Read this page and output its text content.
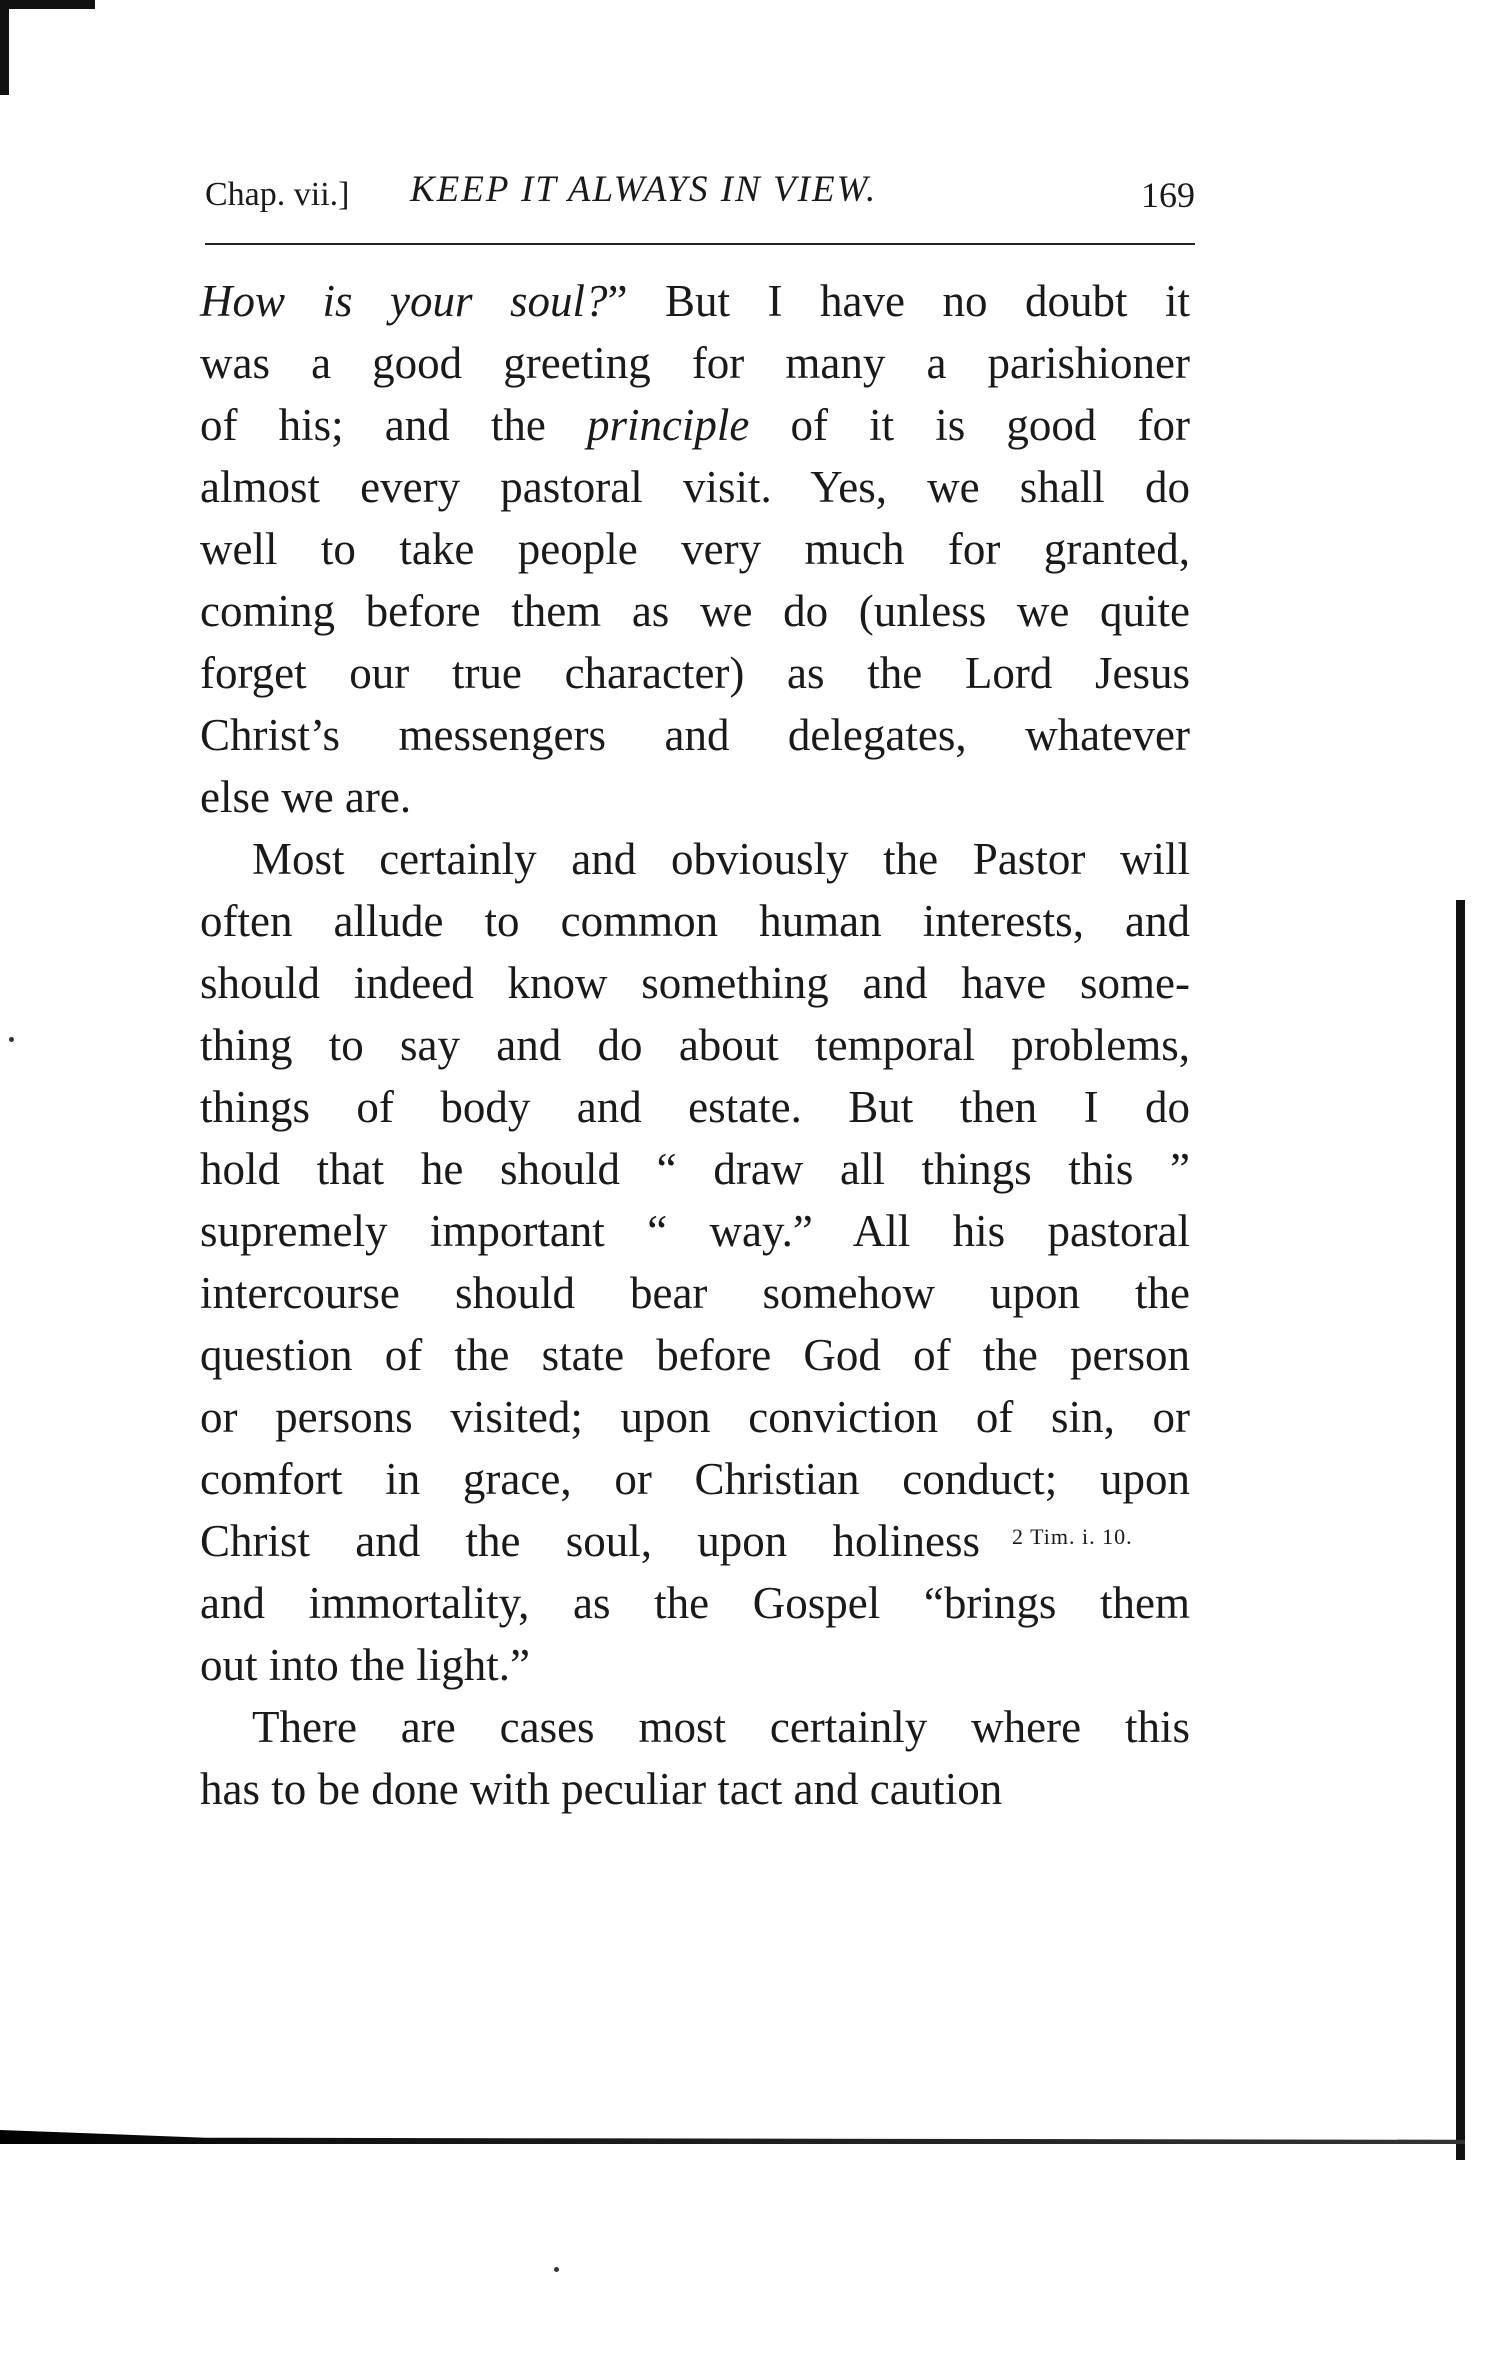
Chap. vii.] KEEP IT ALWAYS IN VIEW.	169
How is your soul?” But I have no doubt it
was a good greeting for many a parishioner
of his; and the principle of it is good for
almost every pastoral visit. Yes, we shall do
well to take people very much for granted,
coming before them as we do (unless we quite
forget our true character) as the Lord Jesus
Christ’s messengers and delegates, whatever
else we are.
Most certainly and obviously the Pastor will
often allude to common human interests, and
should indeed know something and have some-
thing to say and do about temporal problems,
things of body and estate. But then I do
hold that he should “ draw all things this ”
supremely important “ way.” All his pastoral
intercourse should bear somehow upon the
question of the state before God of the person
or persons visited; upon conviction of sin, or
comfort in grace, or Christian conduct; upon
Christ and the soul, upon holiness
and immortality, as the Gospel “brings them
out into the light.”
There are cases most certainly where this
has to be done with peculiar tact and caution
2 Tim. i. 10.
